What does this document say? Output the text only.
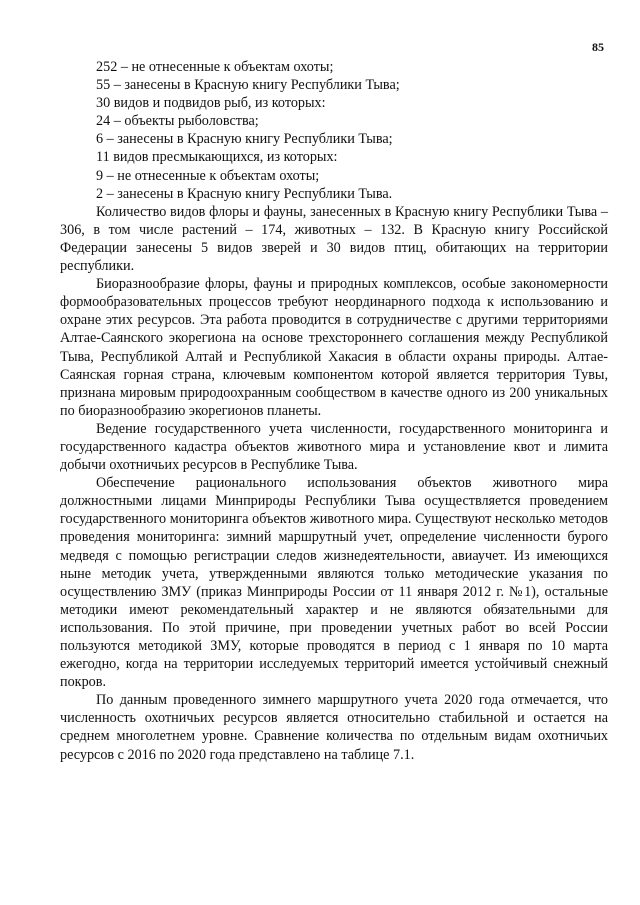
85

252 – не отнесенные к объектам охоты;

55 – занесены в Красную книгу Республики Тыва;

30 видов и подвидов рыб, из которых:

24 – объекты рыболовства;

6 – занесены в Красную книгу Республики Тыва;

11 видов пресмыкающихся, из которых:

9 – не отнесенные к объектам охоты;

2 – занесены в Красную книгу Республики Тыва.

Количество видов флоры и фауны, занесенных в Красную книгу Республики Тыва – 306, в том числе растений – 174, животных – 132. В Красную книгу Российской Федерации занесены 5 видов зверей и 30 видов птиц, обитающих на территории республики.

Биоразнообразие флоры, фауны и природных комплексов, особые закономерности формообразовательных процессов требуют неординарного подхода к использованию и охране этих ресурсов. Эта работа проводится в сотрудничестве с другими территориями Алтае-Саянского экорегиона на основе трехстороннего соглашения между Республикой Тыва, Республикой Алтай и Республикой Хакасия в области охраны природы. Алтае-Саянская горная страна, ключевым компонентом которой является территория Тувы, признана мировым природоохранным сообществом в качестве одного из 200 уникальных по биоразнообразию экорегионов планеты.

Ведение государственного учета численности, государственного мониторинга и государственного кадастра объектов животного мира и установление квот и лимита добычи охотничьих ресурсов в Республике Тыва.

Обеспечение рационального использования объектов животного мира должностными лицами Минприроды Республики Тыва осуществляется проведением государственного мониторинга объектов животного мира. Существуют несколько методов проведения мониторинга: зимний маршрутный учет, определение численности бурого медведя с помощью регистрации следов жизнедеятельности, авиаучет. Из имеющихся ныне методик учета, утвержденными являются только методические указания по осуществлению ЗМУ (приказ Минприроды России от 11 января 2012 г. №1), остальные методики имеют рекомендательный характер и не являются обязательными для использования. По этой причине, при проведении учетных работ во всей России пользуются методикой ЗМУ, которые проводятся в период с 1 января по 10 марта ежегодно, когда на территории исследуемых территорий имеется устойчивый снежный покров.

По данным проведенного зимнего маршрутного учета 2020 года отмечается, что численность охотничьих ресурсов является относительно стабильной и остается на среднем многолетнем уровне. Сравнение количества по отдельным видам охотничьих ресурсов с 2016 по 2020 года представлено на таблице 7.1.
